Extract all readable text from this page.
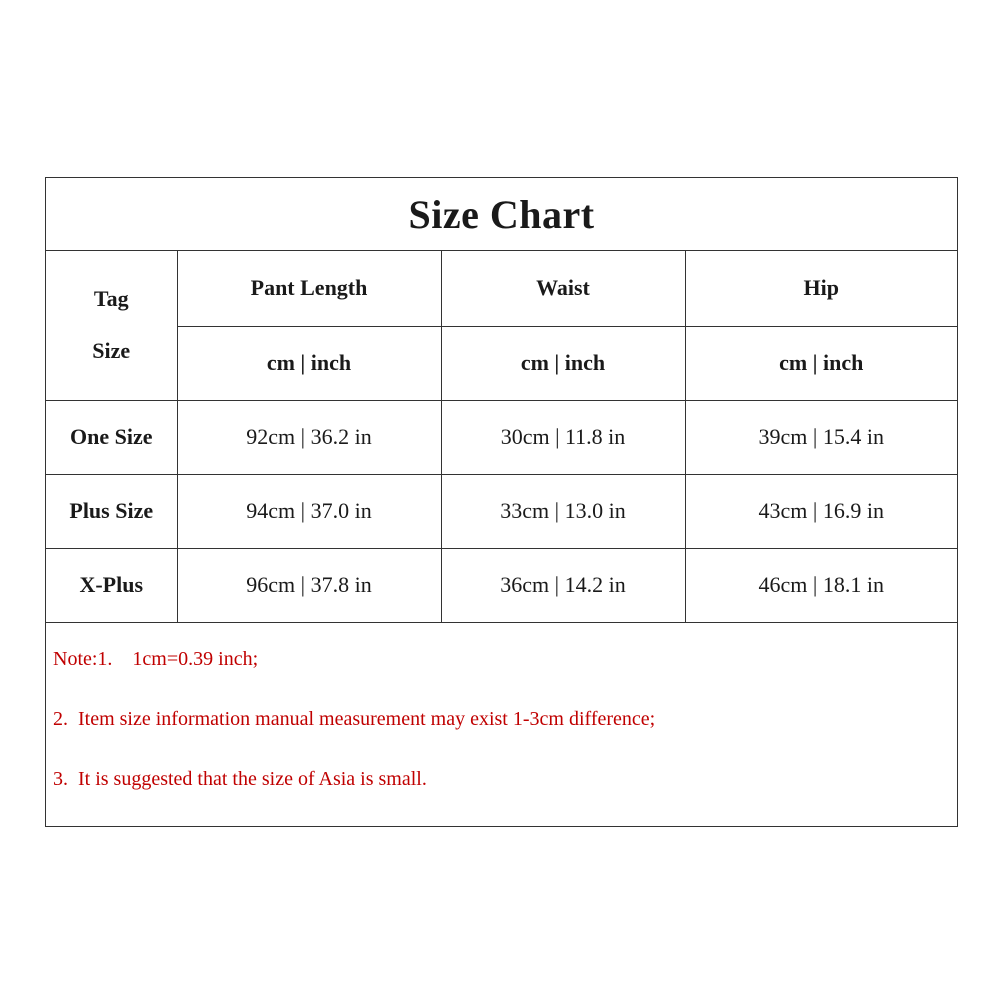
Size Chart
Tag
Size	Pant Length	Waist	Hip
	cm | inch	cm | inch	cm | inch
One Size	92cm | 36.2 in	30cm | 11.8 in	39cm | 15.4 in
Plus Size	94cm | 37.0 in	33cm | 13.0 in	43cm | 16.9 in
X-Plus	96cm | 37.8 in	36cm | 14.2 in	46cm | 18.1 in
Note:1.    1cm=0.39 inch;
2.  Item size information manual measurement may exist 1-3cm difference;
3.  It is suggested that the size of Asia is small.
